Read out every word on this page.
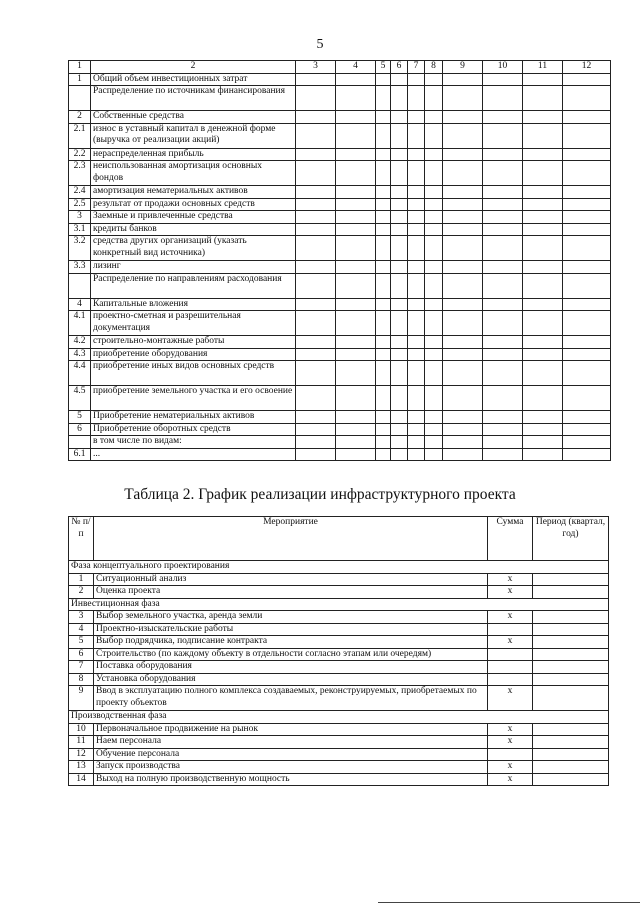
5
1	2	3	4	5	6	7	8	9	10	11	12
1	Общий объем инвестиционных затрат										
	Распределение по источникам финансирования										
2	Собственные средства										
2.1	износ в уставный капитал в денежной форме (выручка от реализации акций)										
2.2	нераспределенная прибыль										
2.3	неиспользованная амортизация основных фондов										
2.4	амортизация нематериальных активов										
2.5	результат от продажи основных средств										
3	Заемные и привлеченные средства										
3.1	кредиты банков										
3.2	средства других организаций (указать конкретный вид источника)										
3.3	лизинг										
	Распределение по направлениям расходования										
4	Капитальные вложения										
4.1	проектно-сметная и разрешительная документация										
4.2	строительно-монтажные работы										
4.3	приобретение оборудования										
4.4	приобретение иных видов основных средств										
4.5	приобретение земельного участка и его освоение										
5	Приобретение нематериальных активов										
6	Приобретение оборотных средств										
	в том числе по видам:										
6.1	...										
Таблица 2. График реализации инфраструктурного проекта
№ п/п	Мероприятие	Сумма	Период (квартал, год)
Фаза концептуального проектирования			
1	Ситуационный анализ	x	
2	Оценка проекта	x	
Инвестиционная фаза			
3	Выбор земельного участка, аренда земли	x	
4	Проектно-изыскательские работы		
5	Выбор подрядчика, подписание контракта	x	
6	Строительство (по каждому объекту в отдельности согласно этапам или очередям)		
7	Поставка оборудования		
8	Установка оборудования		
9	Ввод в эксплуатацию полного комплекса создаваемых, реконструируемых, приобретаемых по проекту объектов	x	
Производственная фаза			
10	Первоначальное продвижение на рынок	x	
11	Наем персонала	x	
12	Обучение персонала		
13	Запуск производства	x	
14	Выход на полную производственную мощность	x	
